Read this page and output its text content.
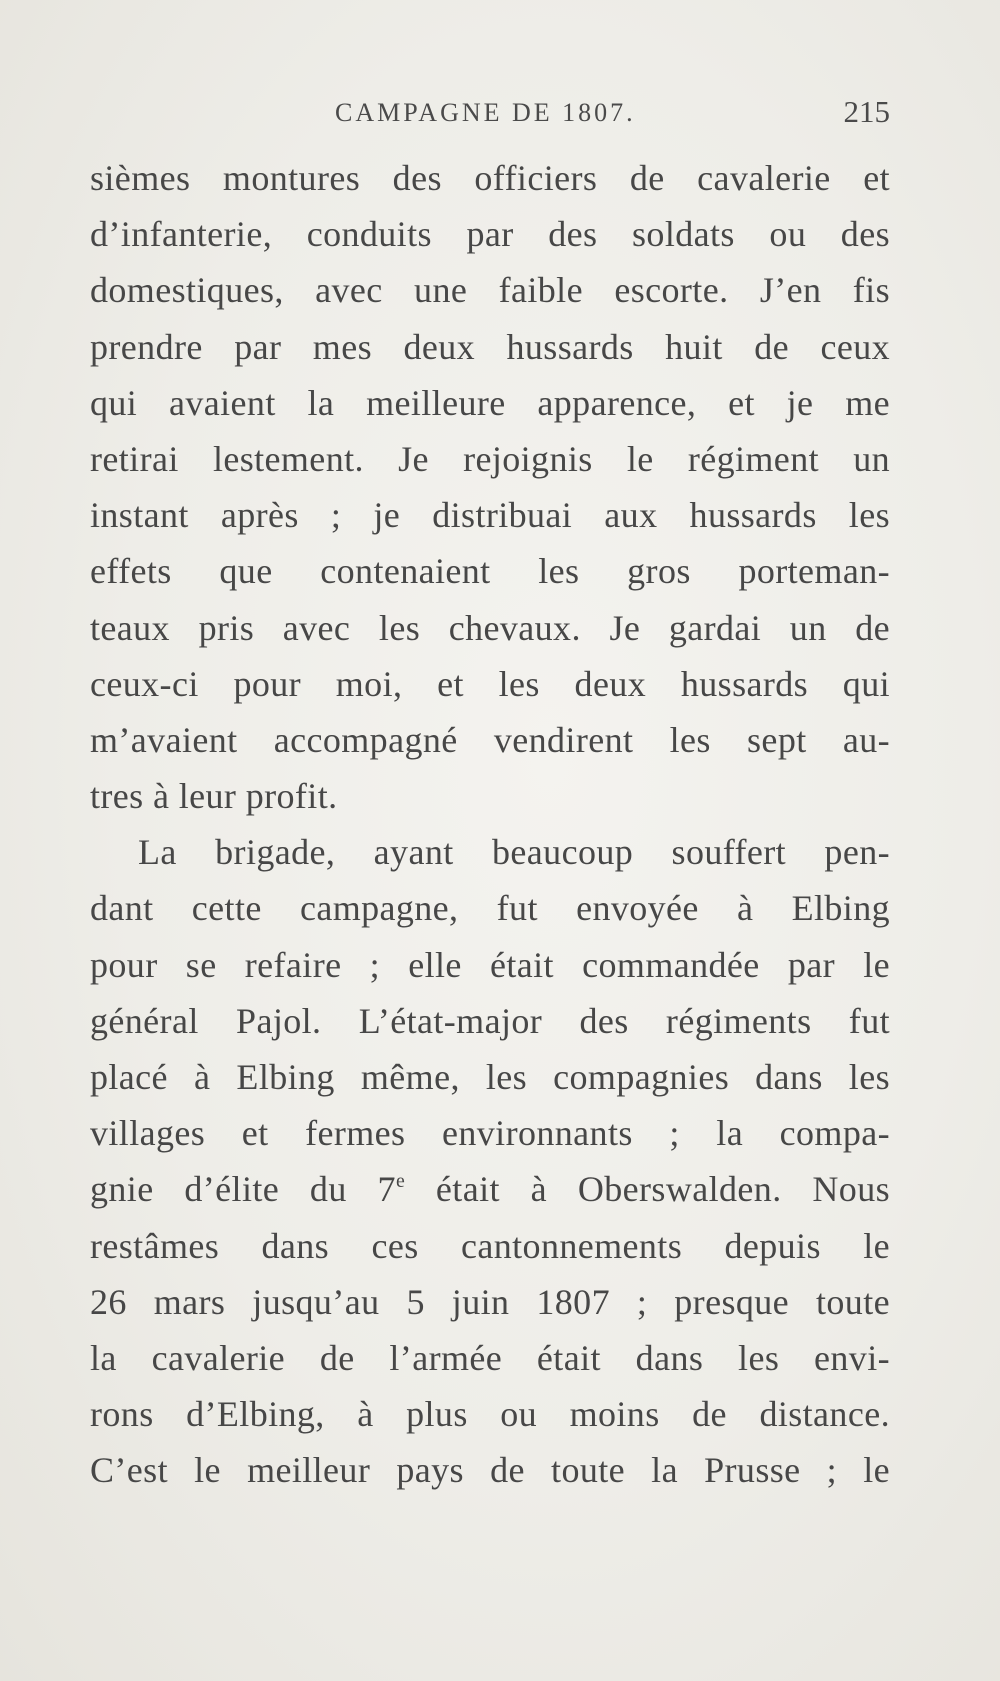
CAMPAGNE DE 1807.	215
sièmes montures des officiers de cavalerie et
d’infanterie, conduits par des soldats ou des
domestiques, avec une faible escorte. J’en fis
prendre par mes deux hussards huit de ceux
qui avaient la meilleure apparence, et je me
retirai lestement. Je rejoignis le régiment un
instant après ; je distribuai aux hussards les
effets que contenaient les gros porteman-
teaux pris avec les chevaux. Je gardai un de
ceux-ci pour moi, et les deux hussards qui
m’avaient accompagné vendirent les sept au-
tres à leur profit.
La brigade, ayant beaucoup souffert pen-
dant cette campagne, fut envoyée à Elbing
pour se refaire ; elle était commandée par le
général Pajol. L’état-major des régiments fut
placé à Elbing même, les compagnies dans les
villages et fermes environnants ; la compa-
gnie d’élite du 7e était à Oberswalden. Nous
restâmes dans ces cantonnements depuis le
26 mars jusqu’au 5 juin 1807 ; presque toute
la cavalerie de l’armée était dans les envi-
rons d’Elbing, à plus ou moins de distance.
C’est le meilleur pays de toute la Prusse ; le
